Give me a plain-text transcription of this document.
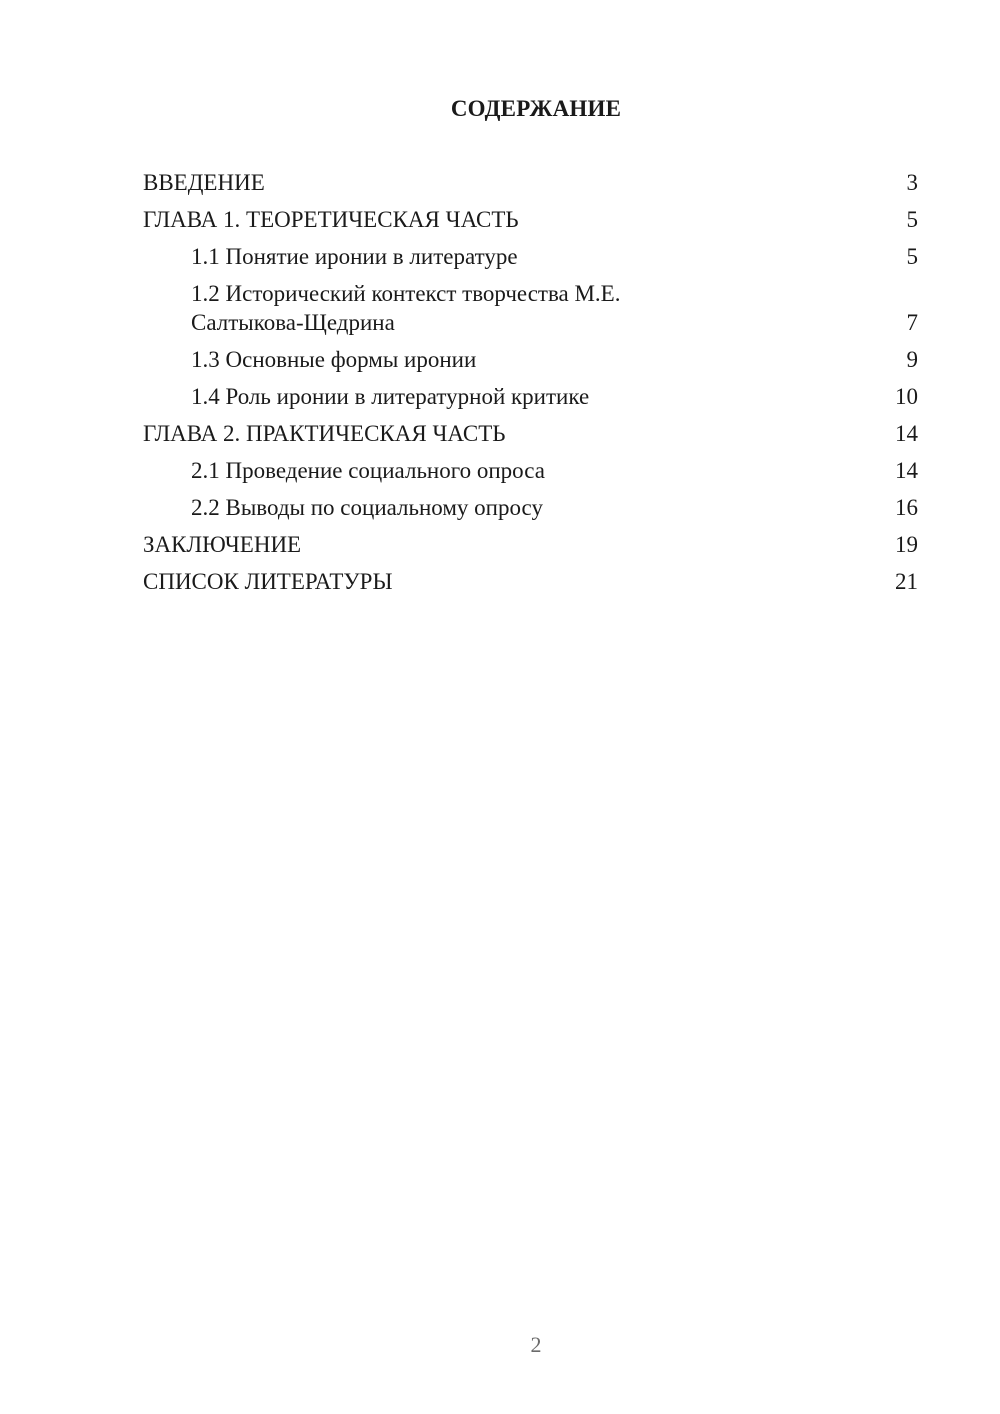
СОДЕРЖАНИЕ
ВВЕДЕНИЕ	3
ГЛАВА 1. ТЕОРЕТИЧЕСКАЯ ЧАСТЬ	5
1.1 Понятие иронии в литературе	5
1.2 Исторический контекст творчества М.Е. Салтыкова-Щедрина	7
1.3 Основные формы иронии	9
1.4 Роль иронии в литературной критике	10
ГЛАВА 2. ПРАКТИЧЕСКАЯ ЧАСТЬ	14
2.1 Проведение социального опроса	14
2.2 Выводы по социальному опросу	16
ЗАКЛЮЧЕНИЕ	19
СПИСОК ЛИТЕРАТУРЫ	21
2
